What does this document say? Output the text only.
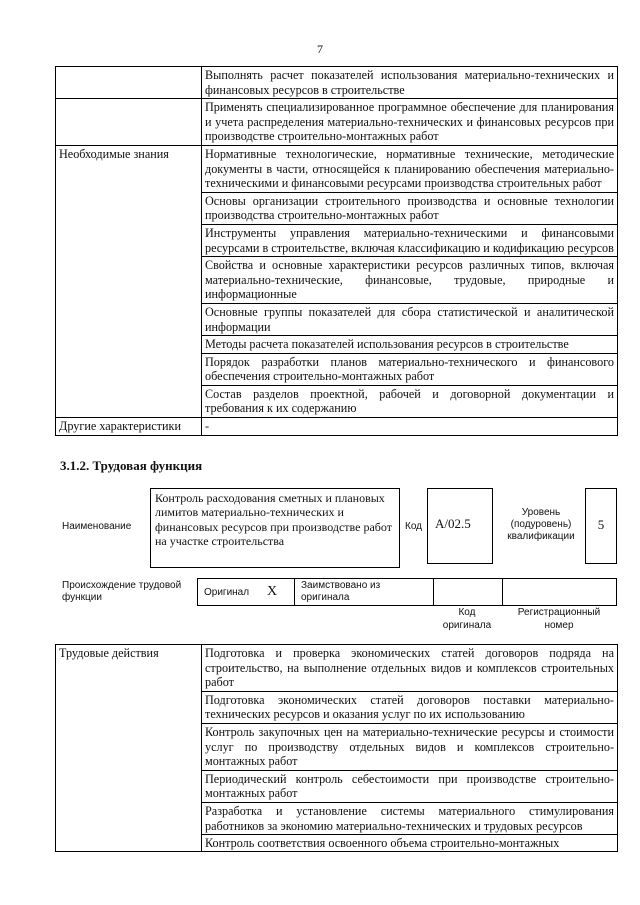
7
	Выполнять расчет показателей использования материально-технических и финансовых ресурсов в строительстве
	Применять специализированное программное обеспечение для планирования и учета распределения материально-технических и финансовых ресурсов при производстве строительно-монтажных работ
Необходимые знания	Нормативные технологические, нормативные технические, методические документы в части, относящейся к планированию обеспечения материально-техническими и финансовыми ресурсами производства строительных работ
	Основы организации строительного производства и основные технологии производства строительно-монтажных работ
	Инструменты управления материально-техническими и финансовыми ресурсами в строительстве, включая классификацию и кодификацию ресурсов
	Свойства и основные характеристики ресурсов различных типов, включая материально-технические, финансовые, трудовые, природные и информационные
	Основные группы показателей для сбора статистической и аналитической информации
	Методы расчета показателей использования ресурсов в строительстве
	Порядок разработки планов материально-технического и финансового обеспечения строительно-монтажных работ
	Состав разделов проектной, рабочей и договорной документации и требования к их содержанию
Другие характеристики	-
3.1.2. Трудовая функция
Наименование
Контроль расходования сметных и плановых лимитов материально-технических и финансовых ресурсов при производстве работ на участке строительства
Код А/02.5
Уровень (подуровень) квалификации
5
Происхождение трудовой функции	Оригинал X Заимствовано из оригинала
Код оригинала
Регистрационный номер
Трудовые действия	Подготовка и проверка экономических статей договоров подряда на строительство, на выполнение отдельных видов и комплексов строительных работ
Подготовка экономических статей договоров поставки материально-технических ресурсов и оказания услуг по их использованию
Контроль закупочных цен на материально-технические ресурсы и стоимости услуг по производству отдельных видов и комплексов строительно-монтажных работ
Периодический контроль себестоимости при производстве строительно-монтажных работ
Разработка и установление системы материального стимулирования работников за экономию материально-технических и трудовых ресурсов

Контроль соответствия освоенного объема строительно-монтажных
